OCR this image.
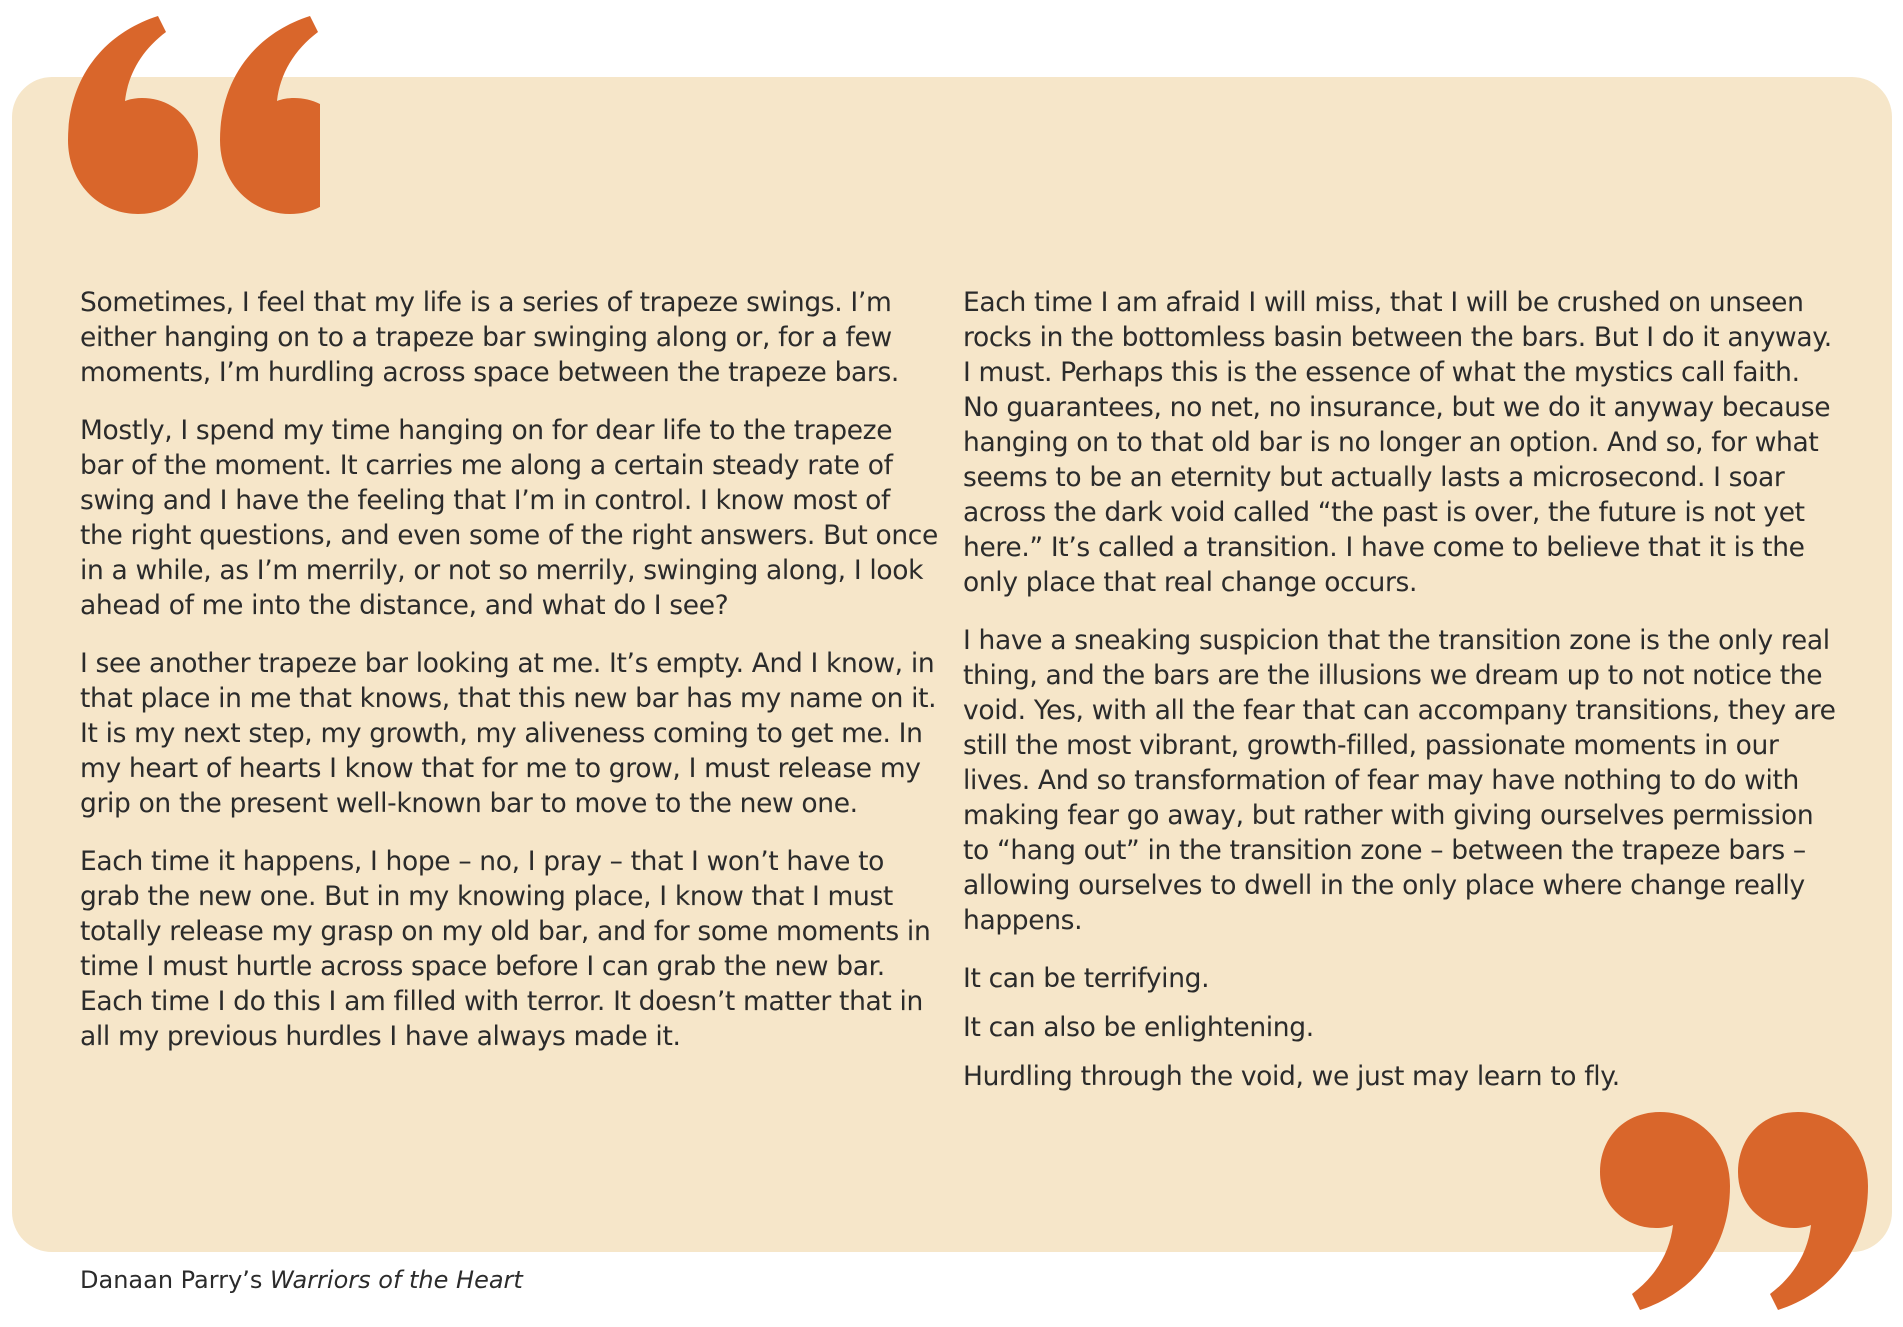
Sometimes, I feel that my life is a series of trapeze swings. I’m either hanging on to a trapeze bar swinging along or, for a few moments, I’m hurdling across space between the trapeze bars.

Mostly, I spend my time hanging on for dear life to the trapeze bar of the moment. It carries me along a certain steady rate of swing and I have the feeling that I’m in control. I know most of the right questions, and even some of the right answers. But once in a while, as I’m merrily, or not so merrily, swinging along, I look ahead of me into the distance, and what do I see?

I see another trapeze bar looking at me. It’s empty. And I know, in that place in me that knows, that this new bar has my name on it. It is my next step, my growth, my aliveness coming to get me. In my heart of hearts I know that for me to grow, I must release my grip on the present well-known bar to move to the new one.

Each time it happens, I hope – no, I pray – that I won’t have to grab the new one. But in my knowing place, I know that I must totally release my grasp on my old bar, and for some moments in time I must hurtle across space before I can grab the new bar. Each time I do this I am filled with terror. It doesn’t matter that in all my previous hurdles I have always made it.

Each time I am afraid I will miss, that I will be crushed on unseen rocks in the bottomless basin between the bars. But I do it anyway. I must. Perhaps this is the essence of what the mystics call faith. No guarantees, no net, no insurance, but we do it anyway because hanging on to that old bar is no longer an option. And so, for what seems to be an eternity but actually lasts a microsecond. I soar across the dark void called “the past is over, the future is not yet here.” It’s called a transition. I have come to believe that it is the only place that real change occurs.

I have a sneaking suspicion that the transition zone is the only real thing, and the bars are the illusions we dream up to not notice the void. Yes, with all the fear that can accompany transitions, they are still the most vibrant, growth-filled, passionate moments in our lives. And so transformation of fear may have nothing to do with making fear go away, but rather with giving ourselves permission to “hang out” in the transition zone – between the trapeze bars – allowing ourselves to dwell in the only place where change really happens.

It can be terrifying.

It can also be enlightening.

Hurdling through the void, we just may learn to fly.

Danaan Parry’s Warriors of the Heart
